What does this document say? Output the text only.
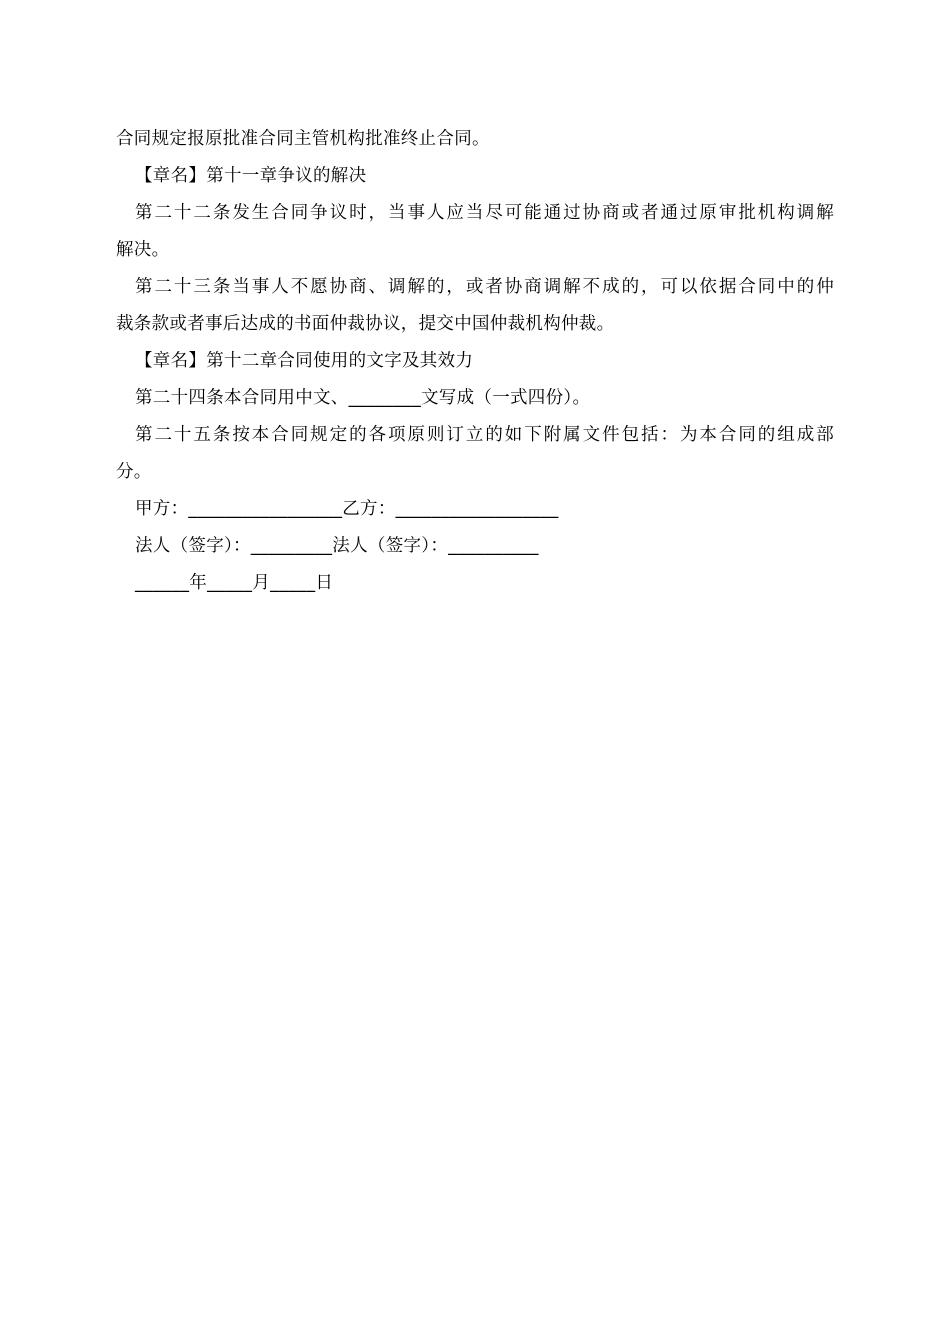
合同规定报原批准合同主管机构批准终止合同。
【章名】第十一章争议的解决
第二十二条发生合同争议时，当事人应当尽可能通过协商或者通过原审批机构调解
解决。
第二十三条当事人不愿协商、调解的，或者协商调解不成的，可以依据合同中的仲
裁条款或者事后达成的书面仲裁协议，提交中国仲裁机构仲裁。
【章名】第十二章合同使用的文字及其效力
第二十四条本合同用中文、________文写成（一式四份）。
第二十五条按本合同规定的各项原则订立的如下附属文件包括：为本合同的组成部
分。
甲方：_________________乙方：__________________
法人（签字）：_________法人（签字）：__________
______年_____月_____日
